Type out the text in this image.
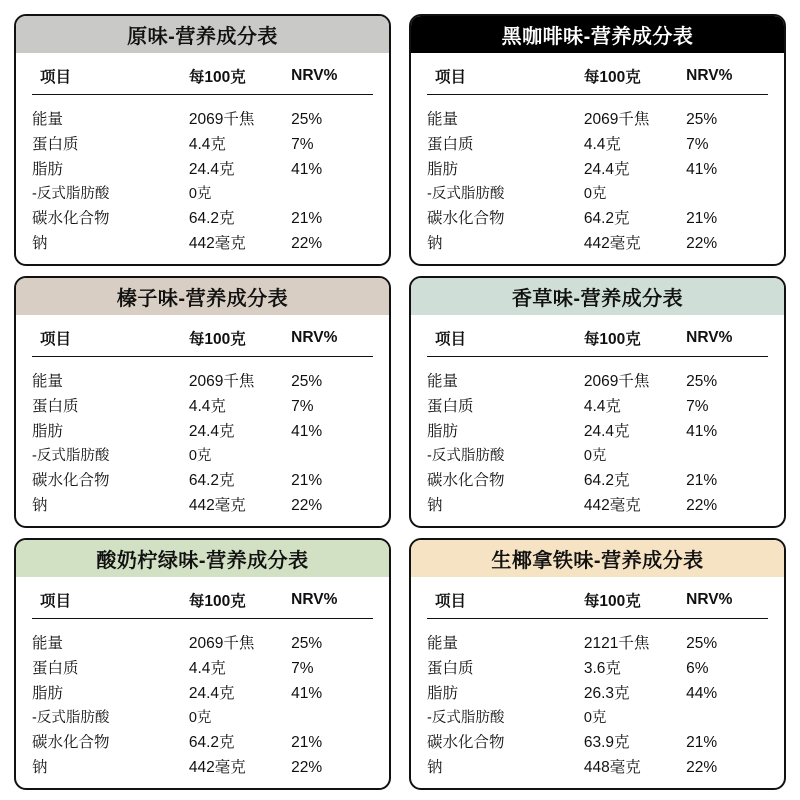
原味-营养成分表
项目	每100克	NRV%
能量	2069千焦	25%
蛋白质	4.4克	7%
脂肪	24.4克	41%
-反式脂肪酸	0克	
碳水化合物	64.2克	21%
钠	442毫克	22%
黑咖啡味-营养成分表
项目	每100克	NRV%
能量	2069千焦	25%
蛋白质	4.4克	7%
脂肪	24.4克	41%
-反式脂肪酸	0克	
碳水化合物	64.2克	21%
钠	442毫克	22%
榛子味-营养成分表
项目	每100克	NRV%
能量	2069千焦	25%
蛋白质	4.4克	7%
脂肪	24.4克	41%
-反式脂肪酸	0克	
碳水化合物	64.2克	21%
钠	442毫克	22%
香草味-营养成分表
项目	每100克	NRV%
能量	2069千焦	25%
蛋白质	4.4克	7%
脂肪	24.4克	41%
-反式脂肪酸	0克	
碳水化合物	64.2克	21%
钠	442毫克	22%
酸奶柠绿味-营养成分表
项目	每100克	NRV%
能量	2069千焦	25%
蛋白质	4.4克	7%
脂肪	24.4克	41%
-反式脂肪酸	0克	
碳水化合物	64.2克	21%
钠	442毫克	22%
生椰拿铁味-营养成分表
项目	每100克	NRV%
能量	2121千焦	25%
蛋白质	3.6克	6%
脂肪	26.3克	44%
-反式脂肪酸	0克	
碳水化合物	63.9克	21%
钠	448毫克	22%
